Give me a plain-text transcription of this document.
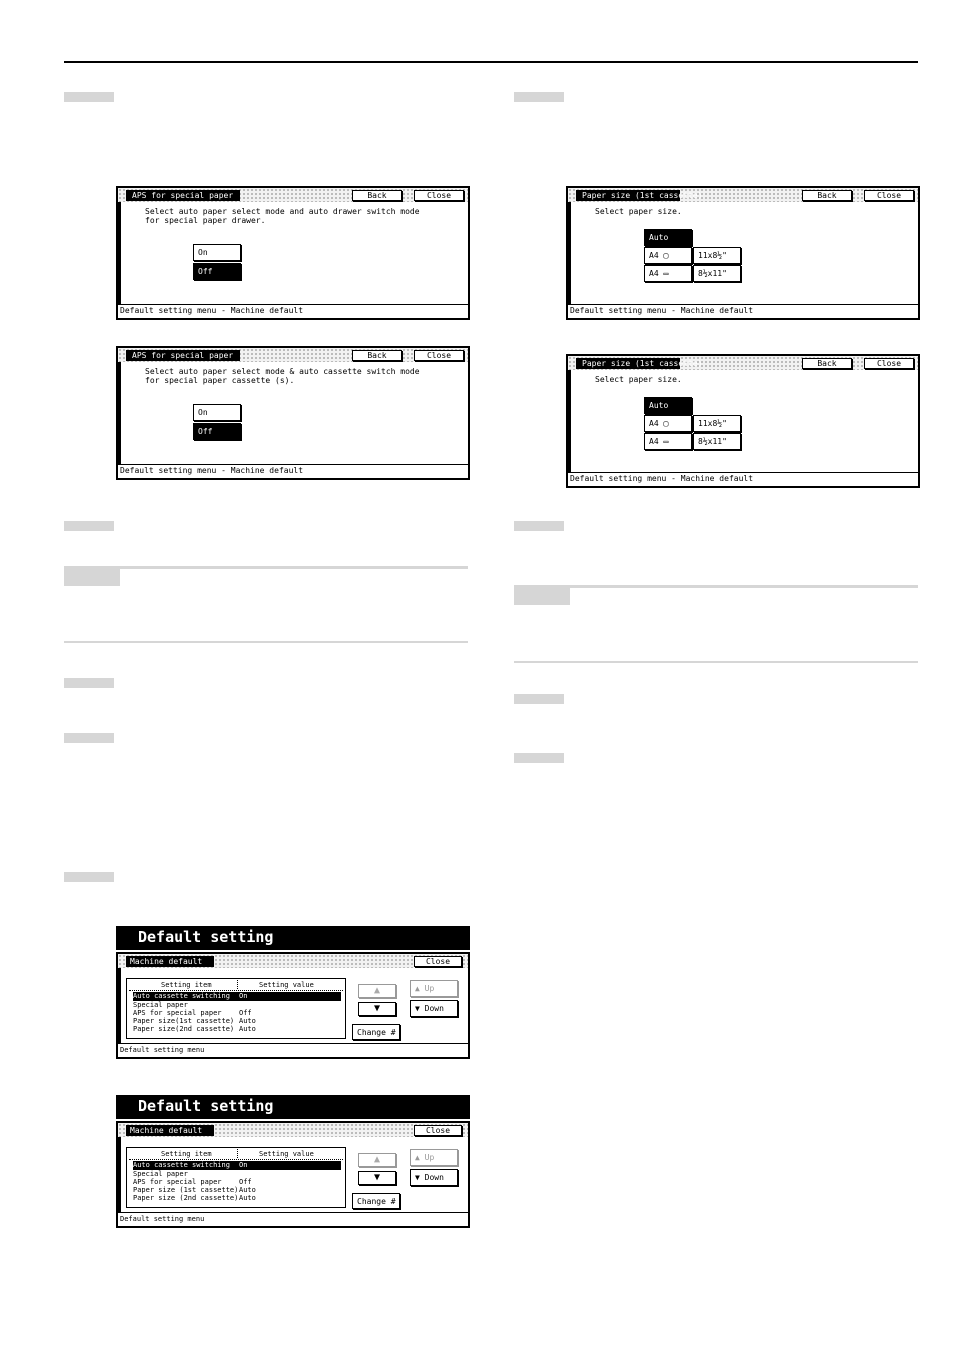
APS for special paper	Back	Close
Select auto paper select mode and auto drawer switch mode
for special paper drawer.
On
Off
Default setting menu - Machine default
APS for special paper	Back	Close
Select auto paper select mode & auto cassette switch mode
for special paper cassette (s).
On
Off
Default setting menu - Machine default
Paper size (1st cassette)	Back	Close
Select paper size.
Auto
A4 ▢	11x8½"
A4 ▭	8½x11"
Default setting menu - Machine default
Paper size (1st cassette)	Back	Close
Select paper size.
Auto
A4 ▢	11x8½"
A4 ▭	8½x11"
Default setting menu - Machine default
Default setting
Machine default	Close
Setting item	Setting value
Auto cassette switching On
Special paper
APS for special paper Off
Paper size(1st cassette) Auto
Paper size(2nd cassette) Auto
▲
▼
▲ Up
▼ Down
Change #
Default setting menu
Default setting
Machine default	Close
Setting item	Setting value
Auto cassette switching On
Special paper
APS for special paper Off
Paper size (1st cassette) Auto
Paper size (2nd cassette) Auto
▲
▼
▲ Up
▼ Down
Change #
Default setting menu
